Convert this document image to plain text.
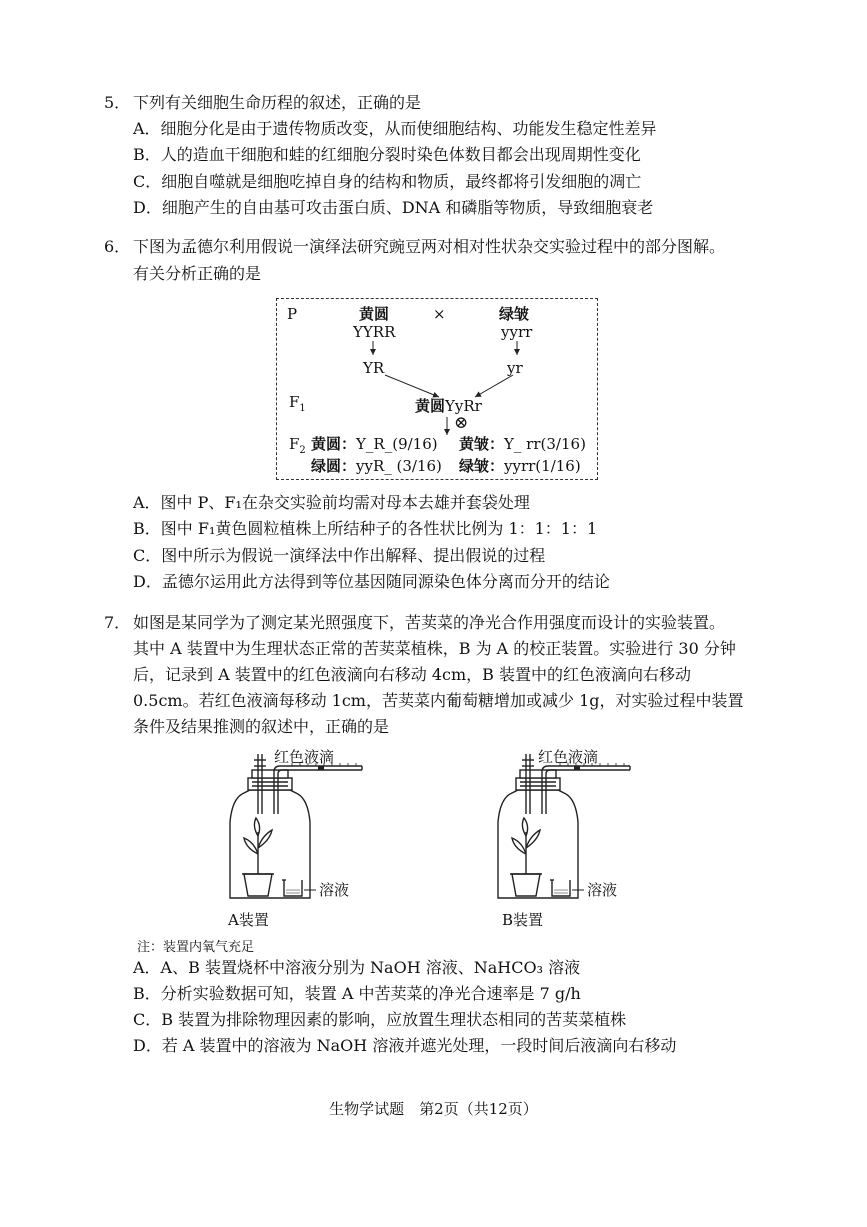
5． 下列有关细胞生命历程的叙述，正确的是
A．细胞分化是由于遗传物质改变，从而使细胞结构、功能发生稳定性差异
B．人的造血干细胞和蛙的红细胞分裂时染色体数目都会出现周期性变化
C．细胞自噬就是细胞吃掉自身的结构和物质，最终都将引发细胞的凋亡
D．细胞产生的自由基可攻击蛋白质、DNA 和磷脂等物质，导致细胞衰老
6． 下图为孟德尔利用假说一演绎法研究豌豆两对相对性状杂交实验过程中的部分图解。
有关分析正确的是
P	黄圆	×	绿皱
YYRR	yyrr
YR	yr
$F_1$	黄圆YyRr
⊗
$F_2$ 黄圆：Y_R_(9/16) 黄皱：Y_ rr(3/16)
绿圆：yyR_ (3/16) 绿皱：yyrr(1/16)
A．图中 P、F₁在杂交实验前均需对母本去雄并套袋处理
B．图中 F₁黄色圆粒植株上所结种子的各性状比例为 1：1：1：1
C．图中所示为假说一演绎法中作出解释、提出假说的过程
D．孟德尔运用此方法得到等位基因随同源染色体分离而分开的结论
7． 如图是某同学为了测定某光照强度下，苦荬菜的净光合作用强度而设计的实验装置。
其中 A 装置中为生理状态正常的苦荬菜植株，B 为 A 的校正装置。实验进行 30 分钟
后，记录到 A 装置中的红色液滴向右移动 4cm，B 装置中的红色液滴向右移动
0.5cm。若红色液滴每移动 1cm，苦荬菜内葡萄糖增加或减少 1g，对实验过程中装置
条件及结果推测的叙述中，正确的是
红色液滴
溶液
A装置
红色液滴
溶液
B装置
注：装置内氧气充足
A．A、B 装置烧杯中溶液分别为 NaOH 溶液、NaHCO₃ 溶液
B．分析实验数据可知，装置 A 中苦荬菜的净光合速率是 7 g/h
C．B 装置为排除物理因素的影响，应放置生理状态相同的苦荬菜植株
D．若 A 装置中的溶液为 NaOH 溶液并遮光处理，一段时间后液滴向右移动
生物学试题　第2页（共12页）
